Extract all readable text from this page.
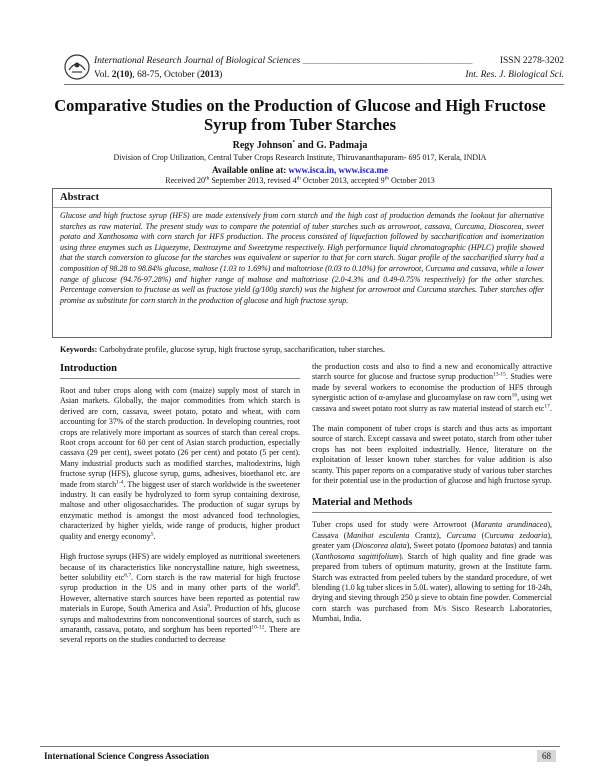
International Research Journal of Biological Sciences _____________________________________________
Vol. 2(10), 68-75, October (2013)
ISSN 2278-3202
Int. Res. J. Biological Sci.
Comparative Studies on the Production of Glucose and High Fructose Syrup from Tuber Starches
Regy Johnson* and G. Padmaja
Division of Crop Utilization, Central Tuber Crops Research Institute, Thiruvananthapuram- 695 017, Kerala, INDIA
Available online at: www.isca.in, www.isca.me
Received 20th September 2013, revised 4th October 2013, accepted 9th October 2013
Abstract
Glucose and high fructose syrup (HFS) are made extensively from corn starch and the high cost of production demands the lookout for alternative starches as raw material. The present study was to compare the potential of tuber starches such as arrowroot, cassava, Curcuma, Dioscorea, sweet potato and Xanthosoma with corn starch for HFS production. The process consisted of liquefaction followed by saccharification and isomerization using three enzymes such as Liquezyme, Dextrozyme and Sweetzyme respectively. High performance liquid chromatographic (HPLC) profile showed that the starch conversion to glucose for the starches was equivalent or superior to that for corn starch. Sugar profile of the saccharified slurry had a composition of 98.28 to 98.84% glucose, maltose (1.03 to 1.69%) and maltotriose (0.03 to 0.10%) for arrowroot, Curcuma and cassava, while a lower range of glucose (94.76-97.28%) and higher range of maltose and maltotriose (2.0-4.3% and 0.49-0.75% respectively) for the other starches. Percentage conversion to fructose as well as fructose yield (g/100g starch) was the highest for arrowroot and Curcuma starches. Tuber starches offer promise as substitute for corn starch in the production of glucose and high fructose syrup.
Keywords: Carbohydrate profile, glucose syrup, high fructose syrup, saccharification, tuber starches.
Introduction

Root and tuber crops along with corn (maize) supply most of starch in Asian markets. Globally, the major commodities from which starch is derived are corn, cassava, sweet potato, potato and wheat, with corn accounting for 37% of the starch production. In developing countries, root crops are relatively more important as sources of starch than cereal crops. Root crops account for 60 per cent of Asian starch production, especially cassava (29 per cent), sweet potato (26 per cent) and potato (5 per cent). Many industrial products such as modified starches, maltodextrins, high fructose syrup (HFS), glucose syrup, gums, adhesives, bioethanol etc. are made from starch$^{1-4}$. The biggest user of starch worldwide is the sweetener industry. It can easily be hydrolyzed to form syrup containing dextrose, maltose and other oligosaccharides. The production of sugar syrups by enzymatic method is amongst the most advanced food technologies, characterized by higher yields, wide range of products, higher product quality and energy economy$^5$.

High fructose syrups (HFS) are widely employed as nutritional sweeteners because of its characteristics like noncrystalline nature, high sweetness, better solubility etc$^{6,7}$. Corn starch is the raw material for high fructose syrup production in the US and in many other parts of the world$^8$. However, alternative starch sources have been reported as potential raw materials in Europe, South America and Asia$^9$. Production of hfs, glucose syrups and maltodextrins from nonconventional sources of starch, such as amaranth, cassava, potato, and sorghum has been reported$^{10-12}$. There are several reports on the studies conducted to decrease

the production costs and also to find a new and economically attractive starch source for glucose and fructose syrup production$^{13-15}$. Studies were made by several workers to economise the production of HFS through synergistic action of α-amylase and glucoamylase on raw corn$^{16}$, using wet cassava and sweet potato root slurry as raw material instead of starch etc$^{17}$.

The main component of tuber crops is starch and thus acts as important source of starch. Except cassava and sweet potato, starch from other tuber crops has not been exploited industrially. Hence, literature on the exploitation of lesser known tuber starches for value addition is also scanty. This paper reports on a comparative study of various tuber starches for their potential use in the production of glucose and high fructose syrup.

Material and Methods

Tuber crops used for study were Arrowroot (Maranta arundinacea), Cassava (Manihot esculenta Crantz), Curcuma (Curcuma zedoaria), greater yam (Dioscorea alata), Sweet potato (Ipomoea batatas) and tannia (Xanthosoma sagittifolium). Starch of high quality and fine grade was prepared from tubers of optimum maturity, grown at the Institute farm. Starch was extracted from peeled tubers by the standard procedure, of wet blending (1.0 kg tuber slices in 5.0L water), allowing to setting for 18-24h, drying and sieving through 250 μ sieve to obtain fine powder. Commercial corn starch was purchased from M/s Sisco Research Laboratories, Mumbai, India.

International Science Congress Association	68
